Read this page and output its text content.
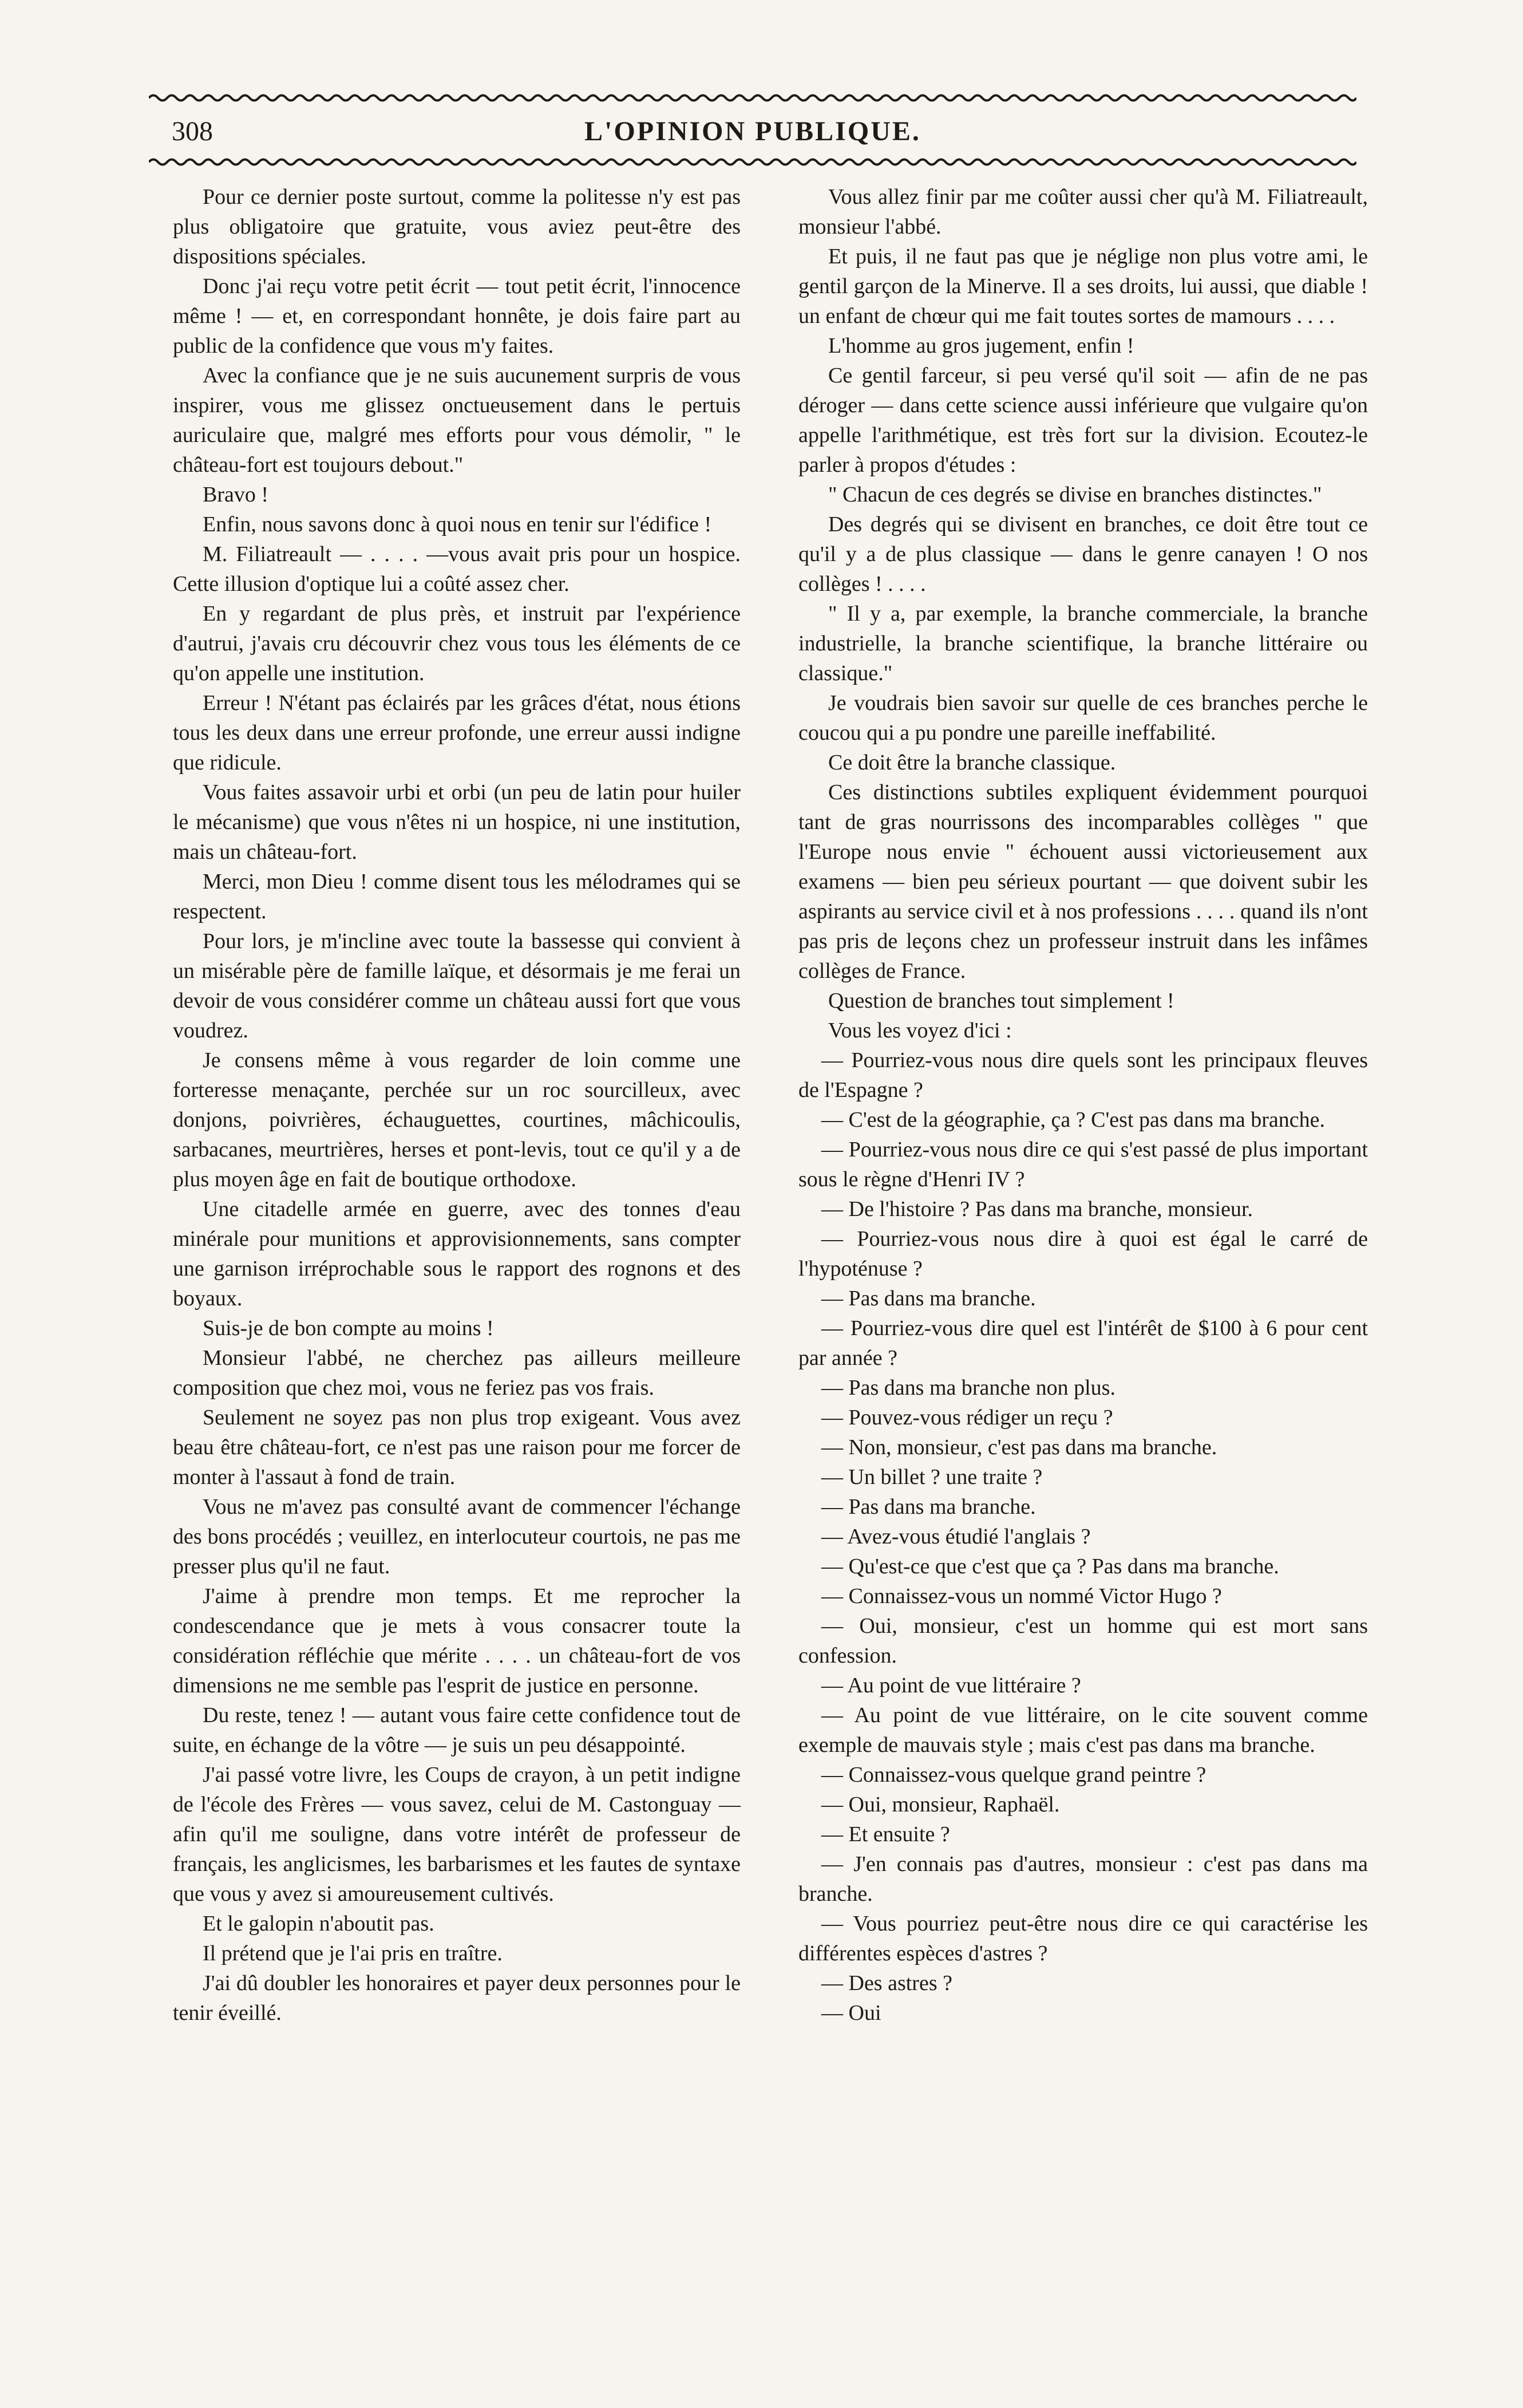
308	L'OPINION PUBLIQUE.

Pour ce dernier poste surtout, comme la politesse n'y est pas plus obligatoire que gratuite, vous aviez peut-être des dispositions spéciales.

Donc j'ai reçu votre petit écrit — tout petit écrit, l'innocence même ! — et, en correspondant honnête, je dois faire part au public de la confidence que vous m'y faites.

Avec la confiance que je ne suis aucunement surpris de vous inspirer, vous me glissez onctueusement dans le pertuis auriculaire que, malgré mes efforts pour vous démolir, " le château-fort est toujours debout."

Bravo !

Enfin, nous savons donc à quoi nous en tenir sur l'édifice !

M. Filiatreault — . . . . —vous avait pris pour un hospice. Cette illusion d'optique lui a coûté assez cher.

En y regardant de plus près, et instruit par l'expérience d'autrui, j'avais cru découvrir chez vous tous les éléments de ce qu'on appelle une institution.

Erreur ! N'étant pas éclairés par les grâces d'état, nous étions tous les deux dans une erreur profonde, une erreur aussi indigne que ridicule.

Vous faites assavoir urbi et orbi (un peu de latin pour huiler le mécanisme) que vous n'êtes ni un hospice, ni une institution, mais un château-fort.

Merci, mon Dieu ! comme disent tous les mélodrames qui se respectent.

Pour lors, je m'incline avec toute la bassesse qui convient à un misérable père de famille laïque, et désormais je me ferai un devoir de vous considérer comme un château aussi fort que vous voudrez.

Je consens même à vous regarder de loin comme une forteresse menaçante, perchée sur un roc sourcilleux, avec donjons, poivrières, échauguettes, courtines, mâchicoulis, sarbacanes, meurtrières, herses et pont-levis, tout ce qu'il y a de plus moyen âge en fait de boutique orthodoxe.

Une citadelle armée en guerre, avec des tonnes d'eau minérale pour munitions et approvisionnements, sans compter une garnison irréprochable sous le rapport des rognons et des boyaux.

Suis-je de bon compte au moins !

Monsieur l'abbé, ne cherchez pas ailleurs meilleure composition que chez moi, vous ne feriez pas vos frais.

Seulement ne soyez pas non plus trop exigeant. Vous avez beau être château-fort, ce n'est pas une raison pour me forcer de monter à l'assaut à fond de train.

Vous ne m'avez pas consulté avant de commencer l'échange des bons procédés ; veuillez, en interlocuteur courtois, ne pas me presser plus qu'il ne faut.

J'aime à prendre mon temps. Et me reprocher la condescendance que je mets à vous consacrer toute la considération réfléchie que mérite . . . . un château-fort de vos dimensions ne me semble pas l'esprit de justice en personne.

Du reste, tenez ! — autant vous faire cette confidence tout de suite, en échange de la vôtre — je suis un peu désappointé.

J'ai passé votre livre, les Coups de crayon, à un petit indigne de l'école des Frères — vous savez, celui de M. Castonguay — afin qu'il me souligne, dans votre intérêt de professeur de français, les anglicismes, les barbarismes et les fautes de syntaxe que vous y avez si amoureusement cultivés.

Et le galopin n'aboutit pas.

Il prétend que je l'ai pris en traître.

J'ai dû doubler les honoraires et payer deux personnes pour le tenir éveillé.

Vous allez finir par me coûter aussi cher qu'à M. Filiatreault, monsieur l'abbé.

Et puis, il ne faut pas que je néglige non plus votre ami, le gentil garçon de la Minerve. Il a ses droits, lui aussi, que diable ! un enfant de chœur qui me fait toutes sortes de mamours . . . .

L'homme au gros jugement, enfin !

Ce gentil farceur, si peu versé qu'il soit — afin de ne pas déroger — dans cette science aussi inférieure que vulgaire qu'on appelle l'arithmétique, est très fort sur la division. Ecoutez-le parler à propos d'études :

" Chacun de ces degrés se divise en branches distinctes."

Des degrés qui se divisent en branches, ce doit être tout ce qu'il y a de plus classique — dans le genre canayen ! O nos collèges ! . . . .

" Il y a, par exemple, la branche commerciale, la branche industrielle, la branche scientifique, la branche littéraire ou classique."

Je voudrais bien savoir sur quelle de ces branches perche le coucou qui a pu pondre une pareille ineffabilité.

Ce doit être la branche classique.

Ces distinctions subtiles expliquent évidemment pourquoi tant de gras nourrissons des incomparables collèges " que l'Europe nous envie " échouent aussi victorieusement aux examens — bien peu sérieux pourtant — que doivent subir les aspirants au service civil et à nos professions . . . . quand ils n'ont pas pris de leçons chez un professeur instruit dans les infâmes collèges de France.

Question de branches tout simplement !

Vous les voyez d'ici :

— Pourriez-vous nous dire quels sont les principaux fleuves de l'Espagne ?

— C'est de la géographie, ça ? C'est pas dans ma branche.

— Pourriez-vous nous dire ce qui s'est passé de plus important sous le règne d'Henri IV ?

— De l'histoire ? Pas dans ma branche, monsieur.

— Pourriez-vous nous dire à quoi est égal le carré de l'hypoténuse ?

— Pas dans ma branche.

— Pourriez-vous dire quel est l'intérêt de $100 à 6 pour cent par année ?

— Pas dans ma branche non plus.

— Pouvez-vous rédiger un reçu ?

— Non, monsieur, c'est pas dans ma branche.

— Un billet ? une traite ?

— Pas dans ma branche.

— Avez-vous étudié l'anglais ?

— Qu'est-ce que c'est que ça ? Pas dans ma branche.

— Connaissez-vous un nommé Victor Hugo ?

— Oui, monsieur, c'est un homme qui est mort sans confession.

— Au point de vue littéraire ?

— Au point de vue littéraire, on le cite souvent comme exemple de mauvais style ; mais c'est pas dans ma branche.

— Connaissez-vous quelque grand peintre ?

— Oui, monsieur, Raphaël.

— Et ensuite ?

— J'en connais pas d'autres, monsieur : c'est pas dans ma branche.

— Vous pourriez peut-être nous dire ce qui caractérise les différentes espèces d'astres ?

— Des astres ?

— Oui
